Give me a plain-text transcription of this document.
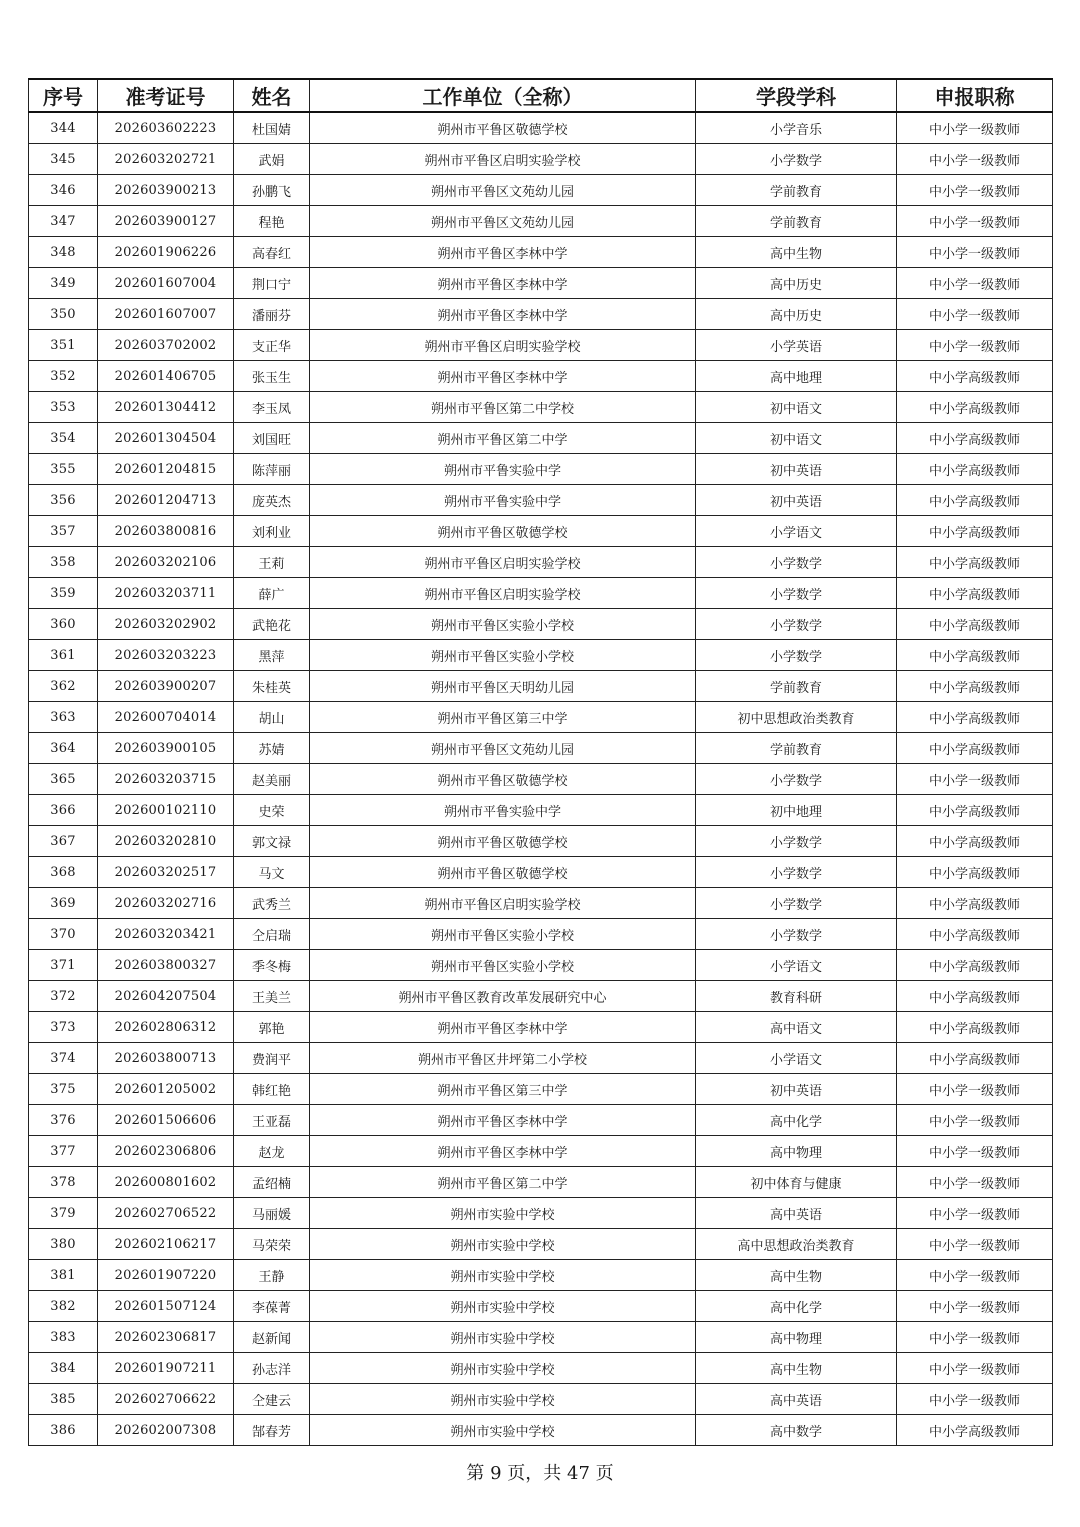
序号	准考证号	姓名	工作单位（全称）	学段学科	申报职称
344	202603602223	杜国婧	朔州市平鲁区敬德学校	小学音乐	中小学一级教师
345	202603202721	武娟	朔州市平鲁区启明实验学校	小学数学	中小学一级教师
346	202603900213	孙鹏飞	朔州市平鲁区文苑幼儿园	学前教育	中小学一级教师
347	202603900127	程艳	朔州市平鲁区文苑幼儿园	学前教育	中小学一级教师
348	202601906226	高春红	朔州市平鲁区李林中学	高中生物	中小学一级教师
349	202601607004	荆口宁	朔州市平鲁区李林中学	高中历史	中小学一级教师
350	202601607007	潘丽芬	朔州市平鲁区李林中学	高中历史	中小学一级教师
351	202603702002	支正华	朔州市平鲁区启明实验学校	小学英语	中小学一级教师
352	202601406705	张玉生	朔州市平鲁区李林中学	高中地理	中小学高级教师
353	202601304412	李玉凤	朔州市平鲁区第二中学校	初中语文	中小学高级教师
354	202601304504	刘国旺	朔州市平鲁区第二中学	初中语文	中小学高级教师
355	202601204815	陈萍丽	朔州市平鲁实验中学	初中英语	中小学高级教师
356	202601204713	庞英杰	朔州市平鲁实验中学	初中英语	中小学高级教师
357	202603800816	刘利业	朔州市平鲁区敬德学校	小学语文	中小学高级教师
358	202603202106	王莉	朔州市平鲁区启明实验学校	小学数学	中小学高级教师
359	202603203711	薛广	朔州市平鲁区启明实验学校	小学数学	中小学高级教师
360	202603202902	武艳花	朔州市平鲁区实验小学校	小学数学	中小学高级教师
361	202603203223	黑萍	朔州市平鲁区实验小学校	小学数学	中小学高级教师
362	202603900207	朱桂英	朔州市平鲁区天明幼儿园	学前教育	中小学高级教师
363	202600704014	胡山	朔州市平鲁区第三中学	初中思想政治类教育	中小学高级教师
364	202603900105	苏婧	朔州市平鲁区文苑幼儿园	学前教育	中小学高级教师
365	202603203715	赵美丽	朔州市平鲁区敬德学校	小学数学	中小学一级教师
366	202600102110	史荣	朔州市平鲁实验中学	初中地理	中小学高级教师
367	202603202810	郭文禄	朔州市平鲁区敬德学校	小学数学	中小学高级教师
368	202603202517	马文	朔州市平鲁区敬德学校	小学数学	中小学高级教师
369	202603202716	武秀兰	朔州市平鲁区启明实验学校	小学数学	中小学高级教师
370	202603203421	仝启瑞	朔州市平鲁区实验小学校	小学数学	中小学高级教师
371	202603800327	季冬梅	朔州市平鲁区实验小学校	小学语文	中小学高级教师
372	202604207504	王美兰	朔州市平鲁区教育改革发展研究中心	教育科研	中小学高级教师
373	202602806312	郭艳	朔州市平鲁区李林中学	高中语文	中小学高级教师
374	202603800713	费润平	朔州市平鲁区井坪第二小学校	小学语文	中小学高级教师
375	202601205002	韩红艳	朔州市平鲁区第三中学	初中英语	中小学一级教师
376	202601506606	王亚磊	朔州市平鲁区李林中学	高中化学	中小学一级教师
377	202602306806	赵龙	朔州市平鲁区李林中学	高中物理	中小学一级教师
378	202600801602	孟绍楠	朔州市平鲁区第二中学	初中体育与健康	中小学一级教师
379	202602706522	马丽媛	朔州市实验中学校	高中英语	中小学一级教师
380	202602106217	马荣荣	朔州市实验中学校	高中思想政治类教育	中小学一级教师
381	202601907220	王静	朔州市实验中学校	高中生物	中小学一级教师
382	202601507124	李葆菁	朔州市实验中学校	高中化学	中小学一级教师
383	202602306817	赵新闻	朔州市实验中学校	高中物理	中小学一级教师
384	202601907211	孙志洋	朔州市实验中学校	高中生物	中小学一级教师
385	202602706622	仝建云	朔州市实验中学校	高中英语	中小学一级教师
386	202602007308	郜春芳	朔州市实验中学校	高中数学	中小学高级教师
第 9 页，共 47 页
